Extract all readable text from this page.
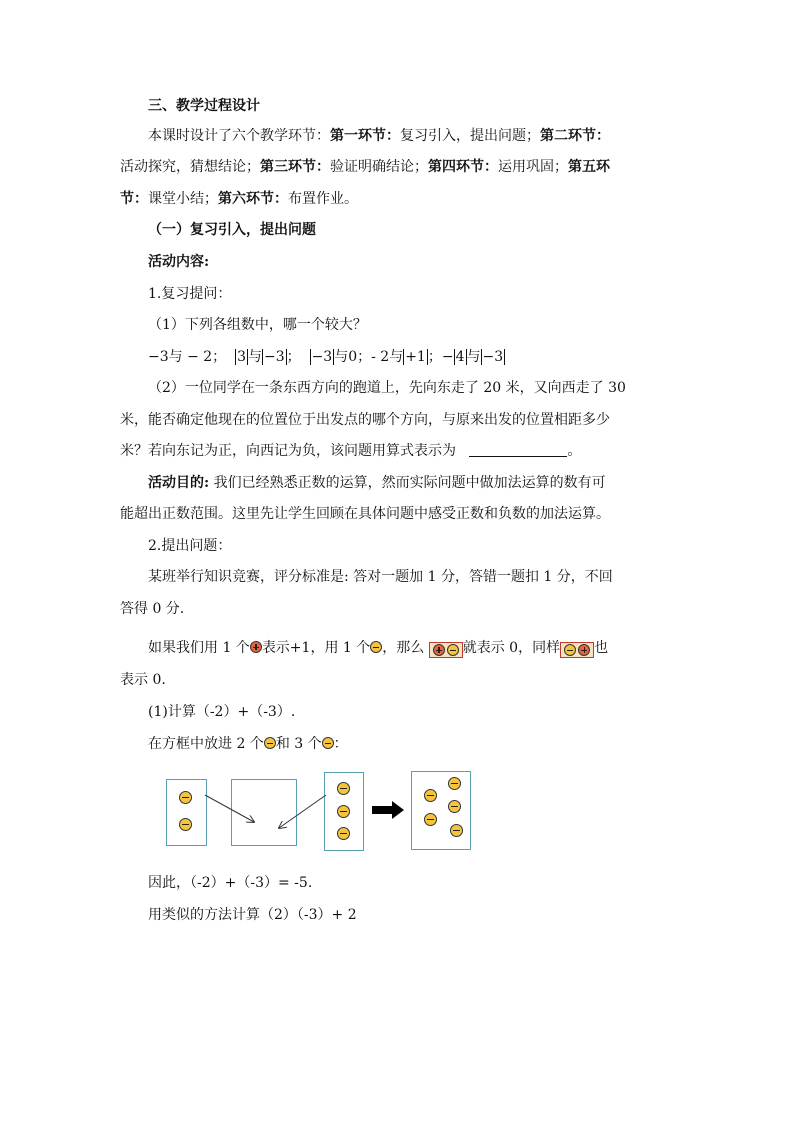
三、教学过程设计
本课时设计了六个教学环节：第一环节：复习引入，提出问题；第二环节：
活动探究，猜想结论；第三环节：验证明确结论；第四环节：运用巩固；第五环
节：课堂小结；第六环节：布置作业。
（一）复习引入，提出问题
活动内容:
1.复习提问：
（1）下列各组数中，哪一个较大？
−3与 − 2； 3 与 −3 ； −3 与0；- 2与 +1 ；− 4 与 −3
（2）一位同学在一条东西方向的跑道上，先向东走了 20 米，又向西走了 30
米，能否确定他现在的位置位于出发点的哪个方向，与原来出发的位置相距多少
米？若向东记为正，向西记为负，该问题用算式表示为	。
活动目的: 我们已经熟悉正数的运算，然而实际问题中做加法运算的数有可
能超出正数范围。这里先让学生回顾在具体问题中感受正数和负数的加法运算。
2.提出问题：
某班举行知识竞赛，评分标准是: 答对一题加 1 分，答错一题扣 1 分，不回
答得 0 分.
如果我们用 1 个 表示+1，用 1 个 ，那么	就表示 0，同样 也
表示 0.
(1)计算（-2）+（-3）.
在方框中放进 2 个 和 3 个 ：
因此，（-2）+（-3）= -5.
用类似的方法计算（2）（-3）+ 2
